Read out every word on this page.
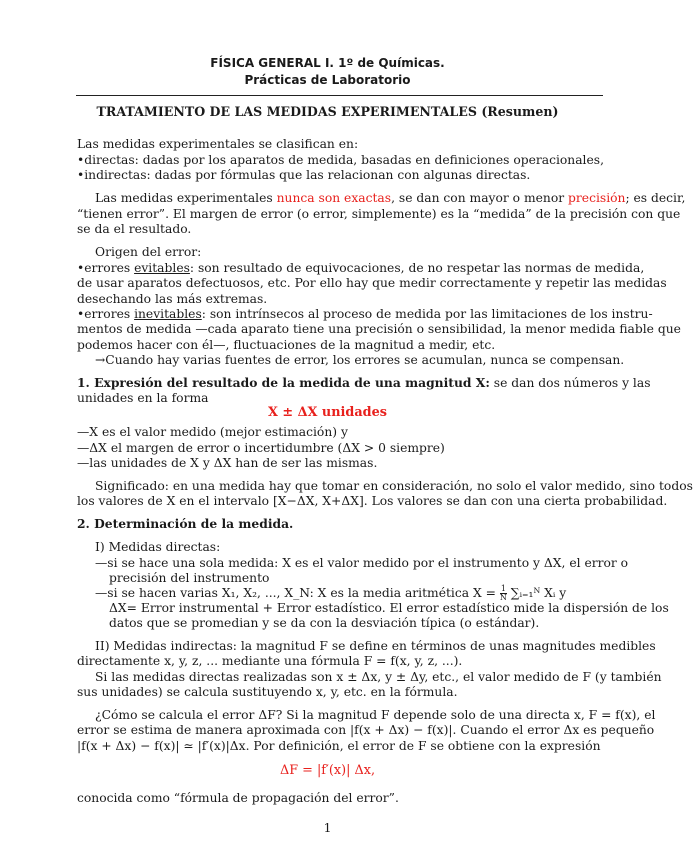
FÍSICA GENERAL I. 1º de Químicas.
Prácticas de Laboratorio
TRATAMIENTO DE LAS MEDIDAS EXPERIMENTALES (Resumen)
Las medidas experimentales se clasifican en:
•directas: dadas por los aparatos de medida, basadas en definiciones operacionales,
•indirectas: dadas por fórmulas que las relacionan con algunas directas.
Las medidas experimentales nunca son exactas, se dan con mayor o menor precisión; es decir,
“tienen error”. El margen de error (o error, simplemente) es la “medida” de la precisión con que
se da el resultado.
Origen del error:
•errores evitables: son resultado de equivocaciones, de no respetar las normas de medida,
de usar aparatos defectuosos, etc. Por ello hay que medir correctamente y repetir las medidas
desechando las más extremas.
•errores inevitables: son intrínsecos al proceso de medida por las limitaciones de los instru-
mentos de medida —cada aparato tiene una precisión o sensibilidad, la menor medida fiable que
podemos hacer con él—, fluctuaciones de la magnitud a medir, etc.
→Cuando hay varias fuentes de error, los errores se acumulan, nunca se compensan.
1. Expresión del resultado de la medida de una magnitud X: se dan dos números y las
unidades en la forma
X ± ΔX unidades
—X es el valor medido (mejor estimación) y
—ΔX el margen de error o incertidumbre (ΔX > 0 siempre)
—las unidades de X y ΔX han de ser las mismas.
Significado: en una medida hay que tomar en consideración, no solo el valor medido, sino todos
los valores de X en el intervalo [X−ΔX, X+ΔX]. Los valores se dan con una cierta probabilidad.
2. Determinación de la medida.
I) Medidas directas:
—si se hace una sola medida: X es el valor medido por el instrumento y ΔX, el error o
precisión del instrumento
—si se hacen varias X₁, X₂, ..., X_N: X es la media aritmética $X = \frac{1}{N}$ ∑ᵢ₌₁ᴺ Xᵢ y
ΔX= Error instrumental + Error estadístico. El error estadístico mide la dispersión de los
datos que se promedian y se da con la desviación típica (o estándar).
II) Medidas indirectas: la magnitud F se define en términos de unas magnitudes medibles
directamente x, y, z, ... mediante una fórmula F = f(x, y, z, ...).
Si las medidas directas realizadas son x ± Δx, y ± Δy, etc., el valor medido de F (y también
sus unidades) se calcula sustituyendo x, y, etc. en la fórmula.
¿Cómo se calcula el error ΔF? Si la magnitud F depende solo de una directa x, F = f(x), el
error se estima de manera aproximada con |f(x + Δx) − f(x)|. Cuando el error Δx es pequeño
|f(x + Δx) − f(x)| ≃ |f′(x)|Δx. Por definición, el error de F se obtiene con la expresión
ΔF = |f′(x)| Δx,
conocida como “fórmula de propagación del error”.
1
